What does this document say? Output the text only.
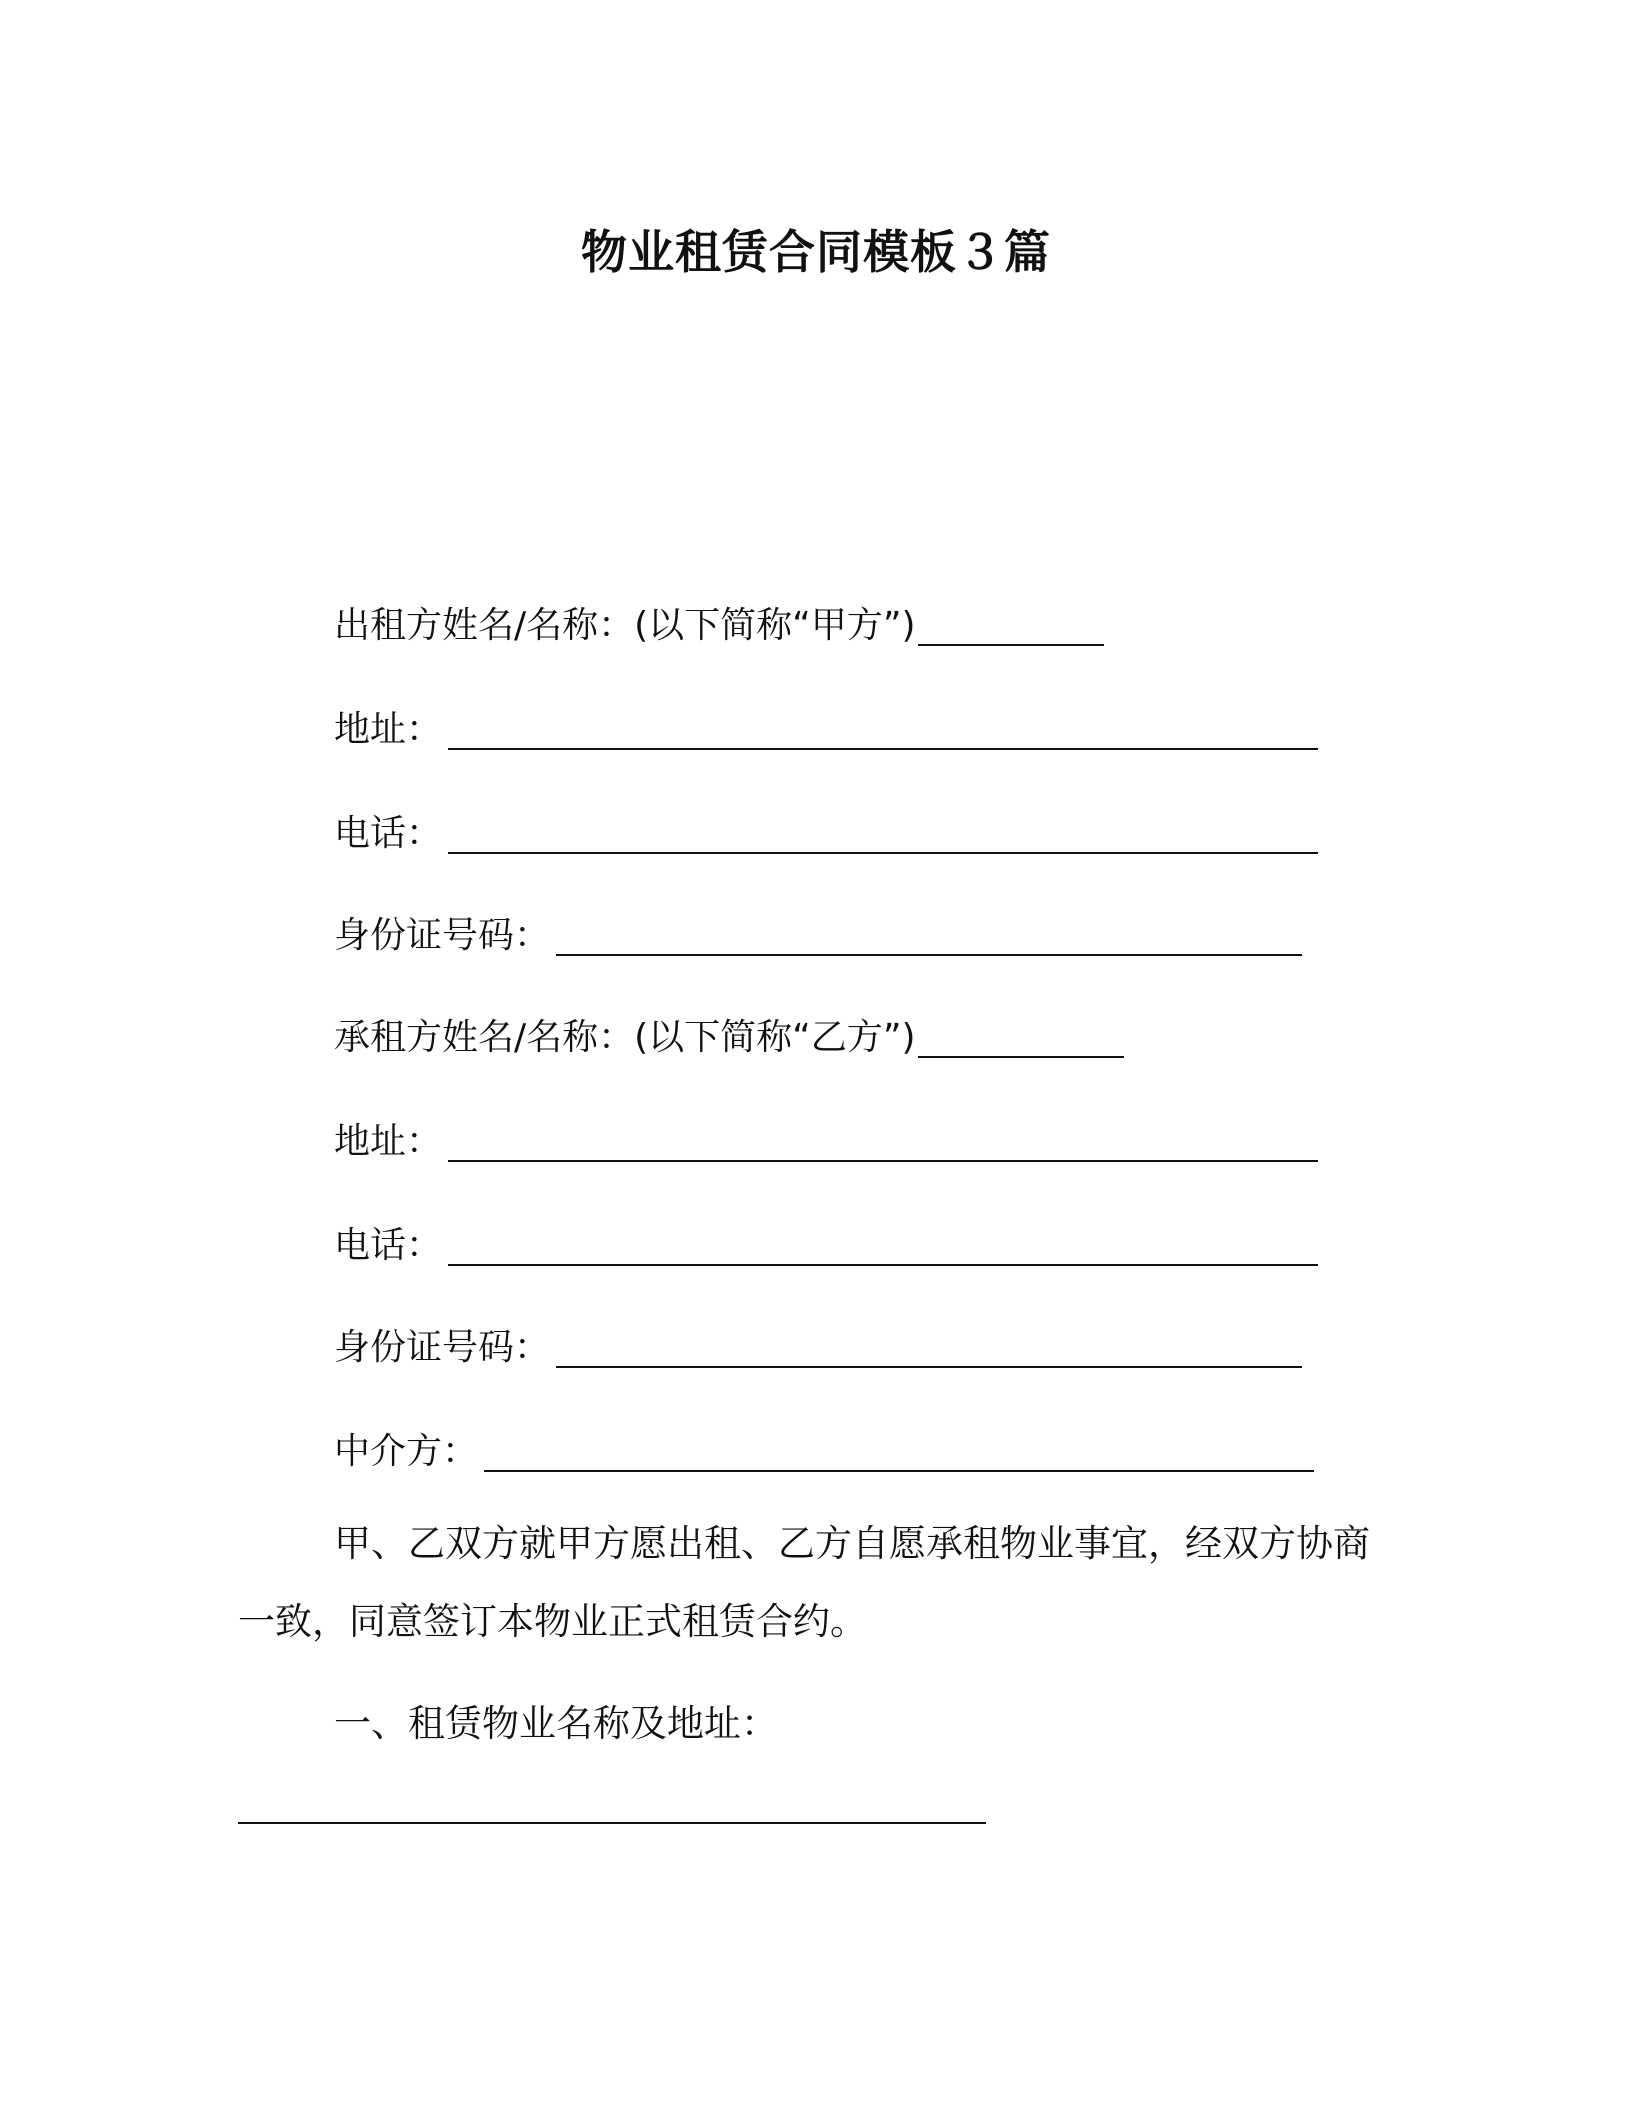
物业租赁合同模板３篇
出租方姓名/名称：(以下简称“甲方”)
地址：
电话：
身份证号码：
承租方姓名/名称：(以下简称“乙方”)
地址：
电话：
身份证号码：
中介方：
甲、乙双方就甲方愿出租、乙方自愿承租物业事宜，经双方协商
一致，同意签订本物业正式租赁合约。
一、租赁物业名称及地址：
